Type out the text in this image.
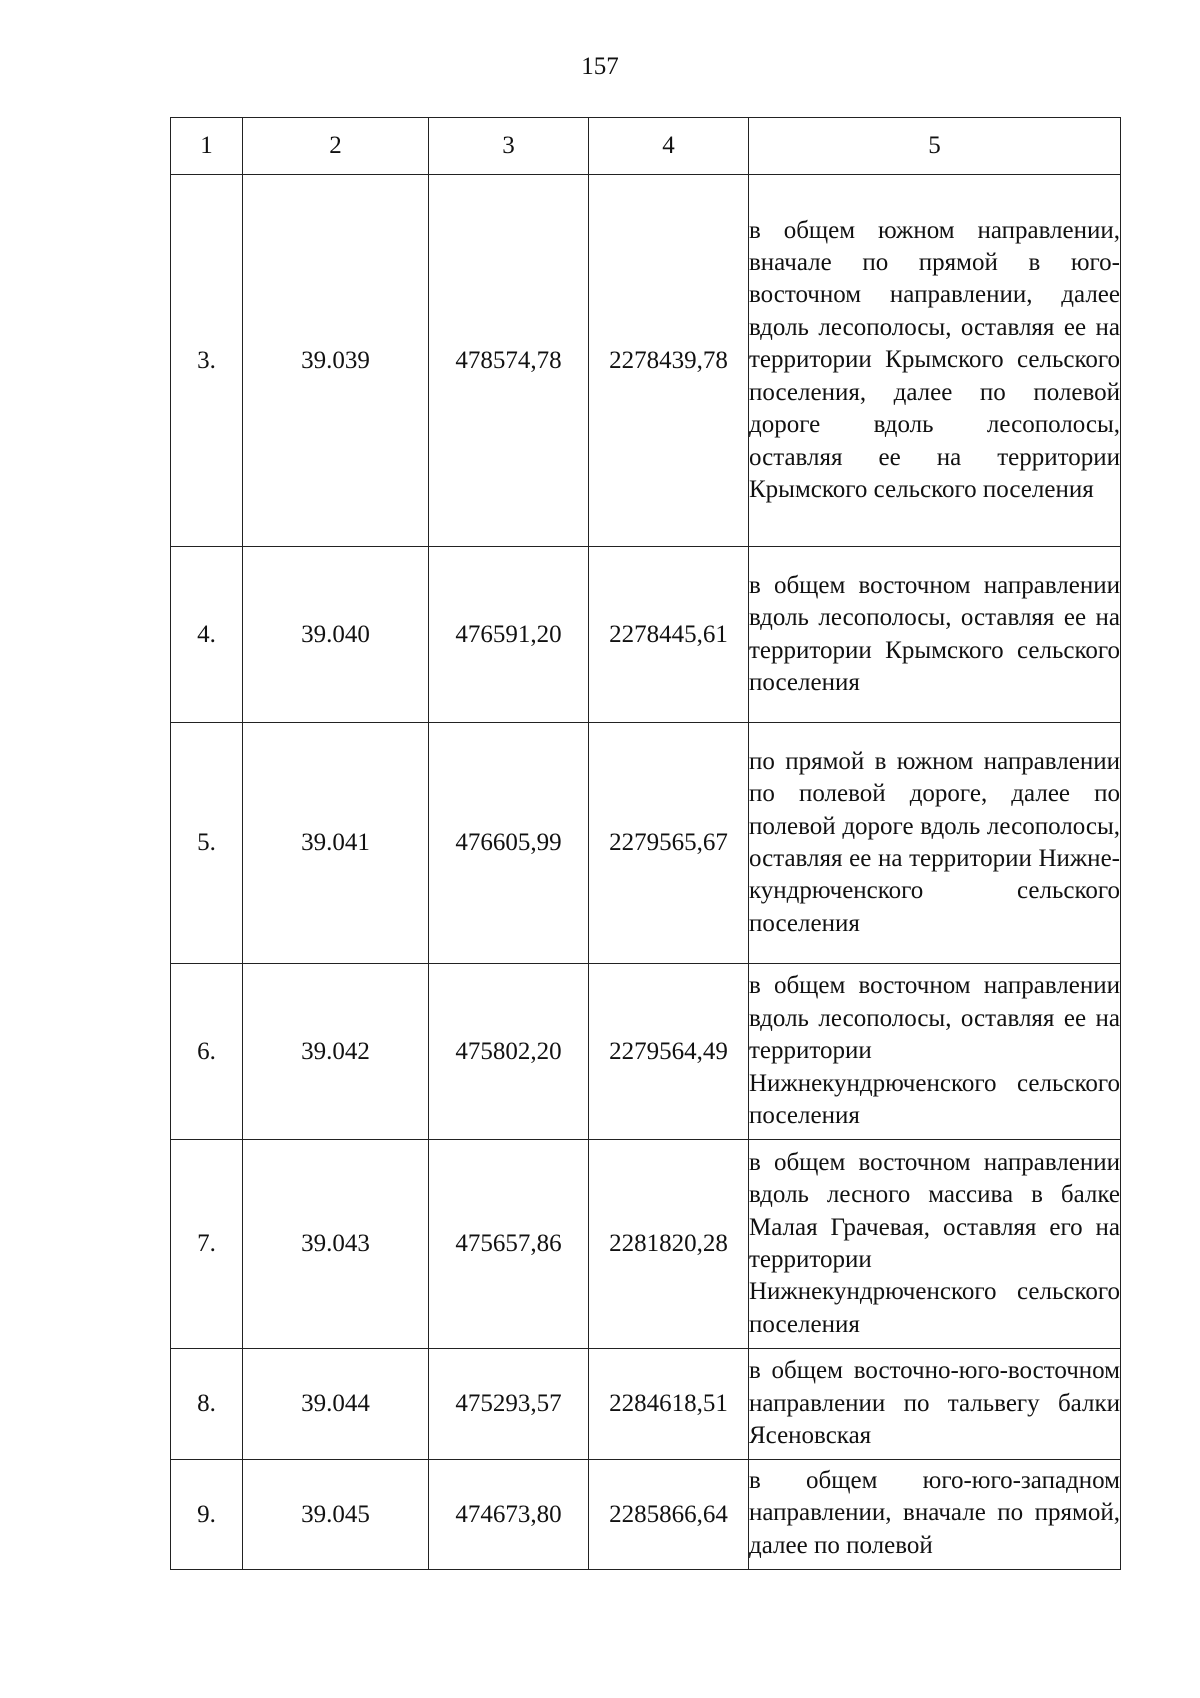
157
1	2	3	4	5
3.	39.039	478574,78	2278439,78	в общем южном направлении, вначале по прямой в юго-восточном направлении, далее вдоль лесополосы, оставляя ее на территории Крымского сельского поселения, далее по полевой дороге вдоль лесополосы, оставляя ее на территории Крымского сельского поселения
4.	39.040	476591,20	2278445,61	в общем восточном направлении вдоль лесополосы, оставляя ее на территории Крымского сельского поселения
5.	39.041	476605,99	2279565,67	по прямой в южном направлении по полевой дороге, далее по полевой дороге вдоль лесополосы, оставляя ее на территории Нижнекундрюченского сельского поселения
6.	39.042	475802,20	2279564,49	в общем восточном направлении вдоль лесополосы, оставляя ее на территории Нижнекундрюченского сельского поселения
7.	39.043	475657,86	2281820,28	в общем восточном направлении вдоль лесного массива в балке Малая Грачевая, оставляя его на территории Нижнекундрюченского сельского поселения
8.	39.044	475293,57	2284618,51	в общем восточно-юго-восточном направлении по тальвегу балки Ясеновская
9.	39.045	474673,80	2285866,64	в общем юго-юго-западном направлении, вначале по прямой, далее по полевой
